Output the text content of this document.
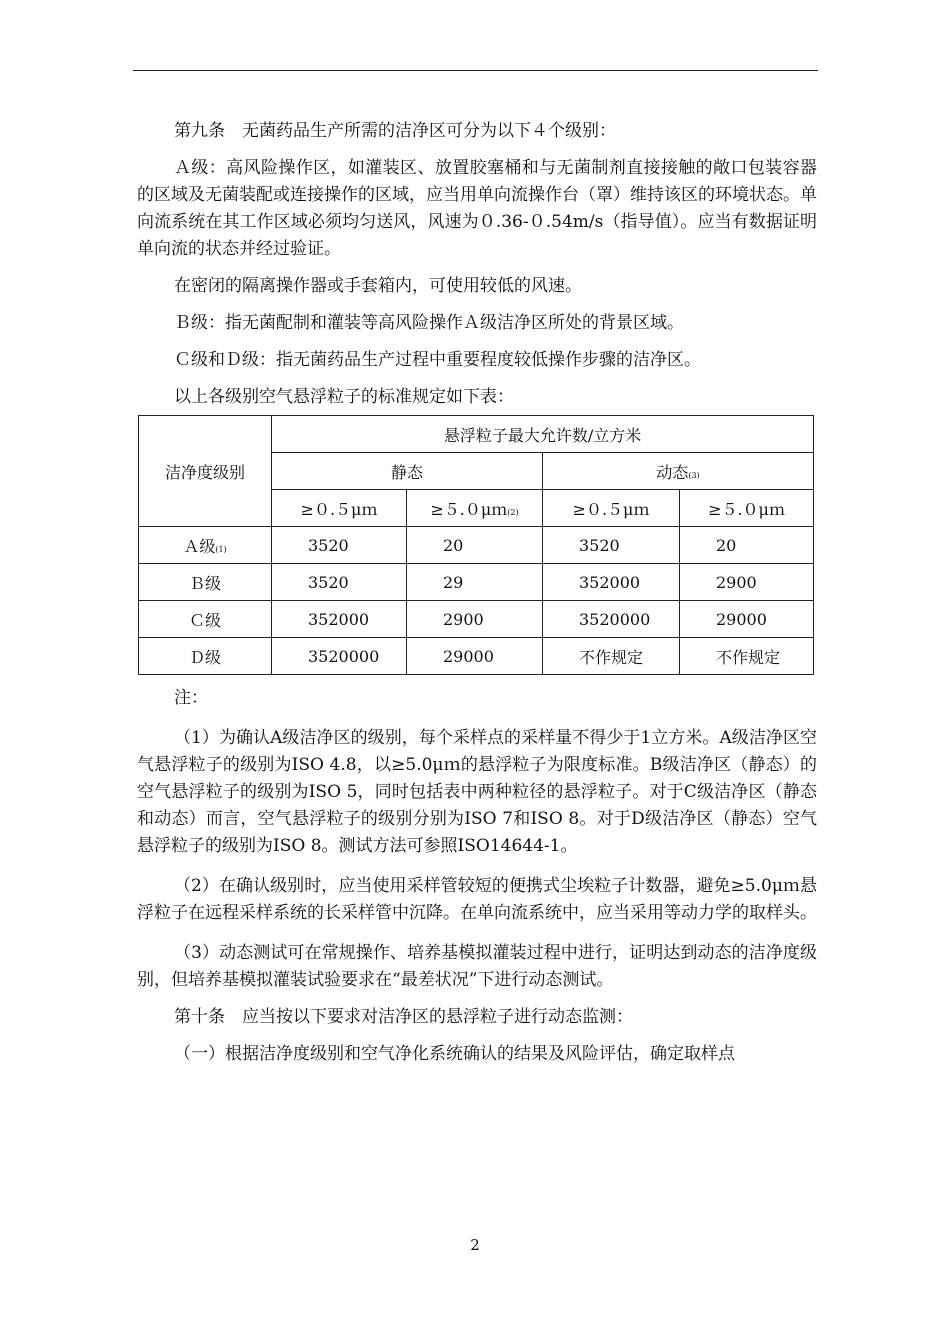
第九条　无菌药品生产所需的洁净区可分为以下４个级别：

Ａ级：高风险操作区，如灌装区、放置胶塞桶和与无菌制剂直接接触的敞口包装容器的区域及无菌装配或连接操作的区域，应当用单向流操作台（罩）维持该区的环境状态。单向流系统在其工作区域必须均匀送风，风速为０.36-０.54m/s（指导值）。应当有数据证明单向流的状态并经过验证。

在密闭的隔离操作器或手套箱内，可使用较低的风速。

Ｂ级：指无菌配制和灌装等高风险操作Ａ级洁净区所处的背景区域。

Ｃ级和Ｄ级：指无菌药品生产过程中重要程度较低操作步骤的洁净区。

以上各级别空气悬浮粒子的标准规定如下表：

洁净度级别	悬浮粒子最大允许数/立方米			
	静态		动态(3)	
	≥０.５μｍ	≥５.０μｍ(2)	≥０.５μｍ	≥５.０μｍ
Ａ级(1)	3520	20	3520	20
Ｂ级	3520	29	352000	2900
Ｃ级	352000	2900	3520000	29000
Ｄ级	3520000	29000	不作规定	不作规定

注：

（1）为确认A级洁净区的级别，每个采样点的采样量不得少于1立方米。A级洁净区空气悬浮粒子的级别为ISO 4.8，以≥5.0μｍ的悬浮粒子为限度标准。B级洁净区（静态）的空气悬浮粒子的级别为ISO 5，同时包括表中两种粒径的悬浮粒子。对于C级洁净区（静态和动态）而言，空气悬浮粒子的级别分别为ISO 7和ISO 8。对于D级洁净区（静态）空气悬浮粒子的级别为ISO 8。测试方法可参照ISO14644-1。

（2）在确认级别时，应当使用采样管较短的便携式尘埃粒子计数器，避免≥5.0μｍ悬浮粒子在远程采样系统的长采样管中沉降。在单向流系统中，应当采用等动力学的取样头。

（3）动态测试可在常规操作、培养基模拟灌装过程中进行，证明达到动态的洁净度级别，但培养基模拟灌装试验要求在“最差状况”下进行动态测试。

第十条　应当按以下要求对洁净区的悬浮粒子进行动态监测：

（一）根据洁净度级别和空气净化系统确认的结果及风险评估，确定取样点

2
